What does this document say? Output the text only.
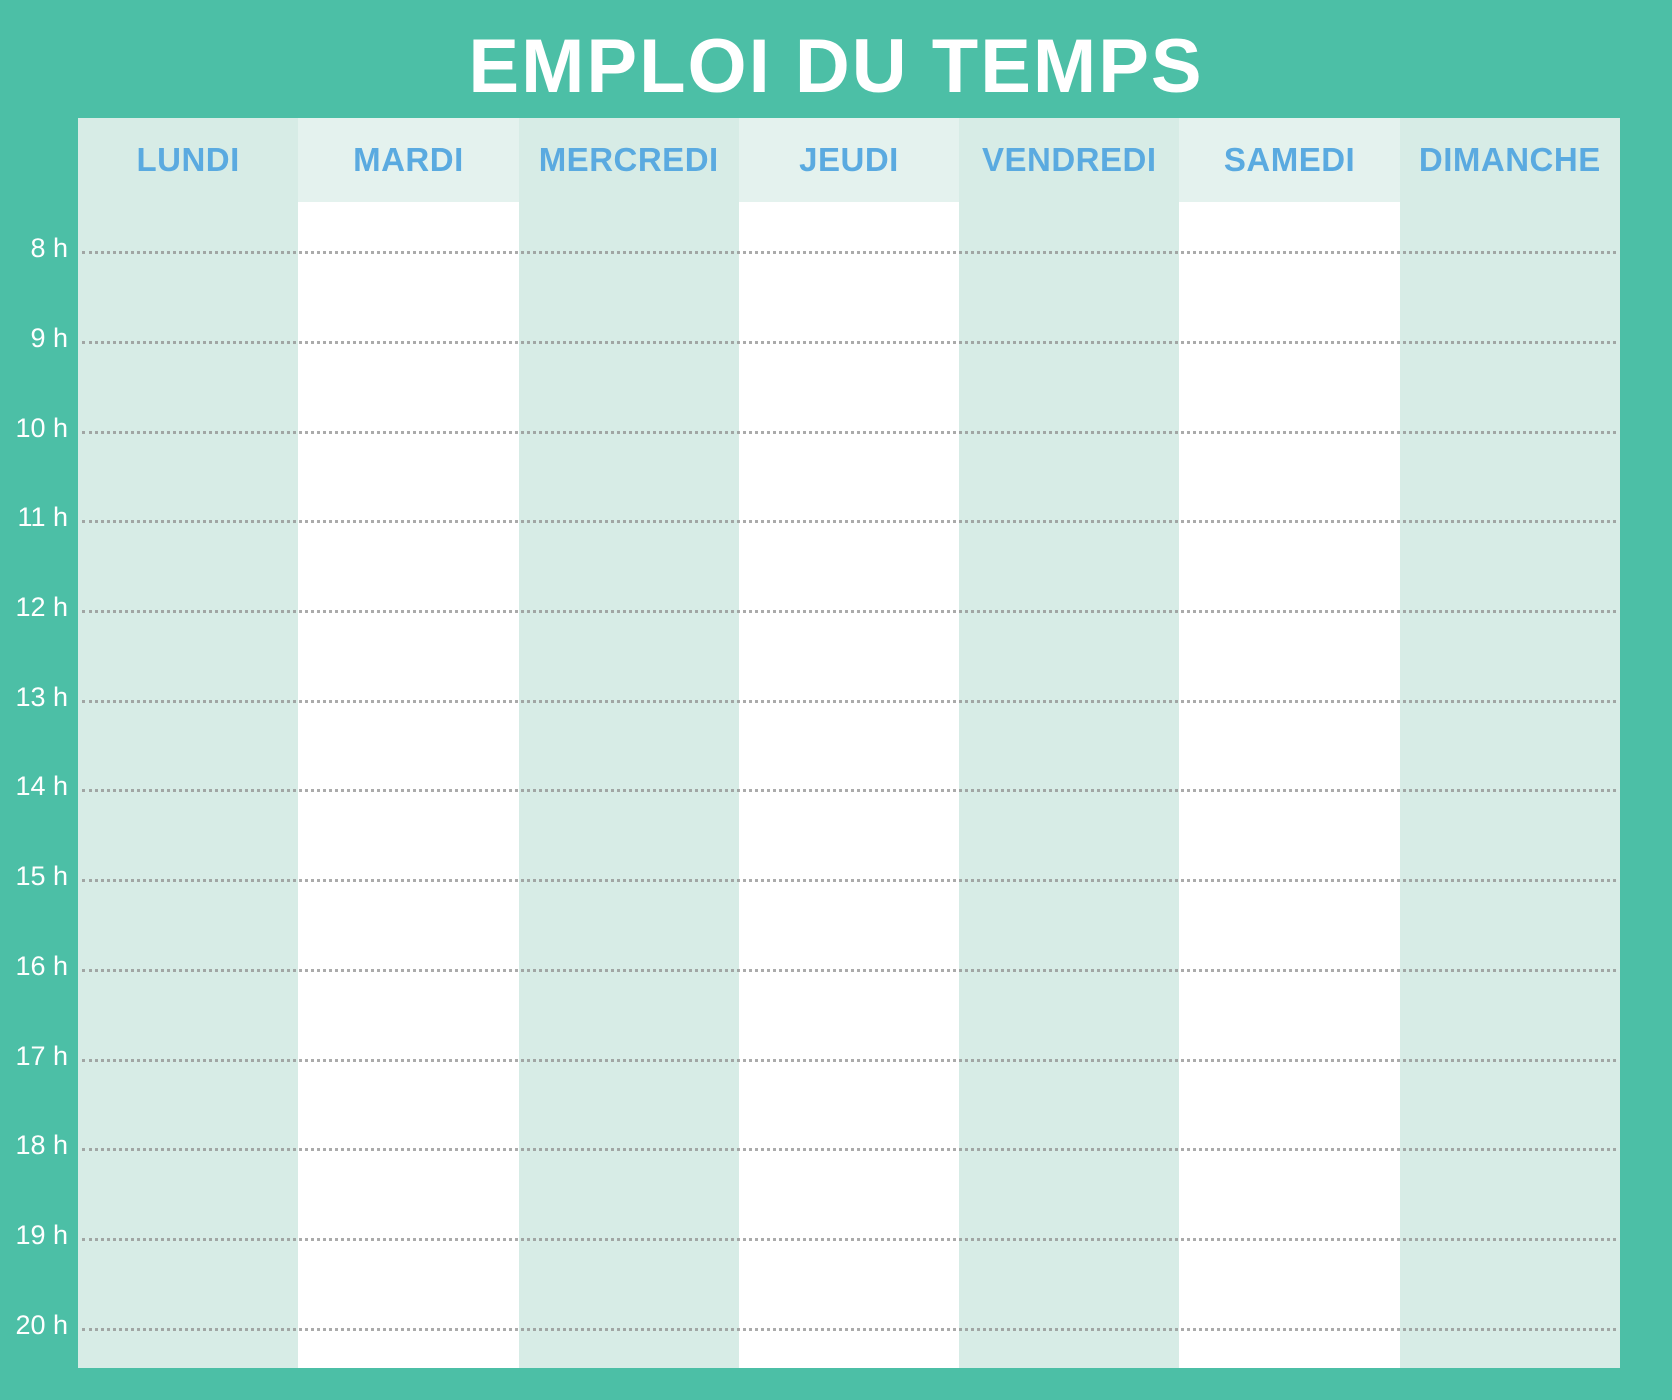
EMPLOI DU TEMPS
8 h
9 h
10 h
11 h
12 h
13 h
14 h
15 h
16 h
17 h
18 h
19 h
20 h
LUNDI	MARDI MERCREDI JEUDI	VENDREDI SAMEDI DIMANCHE
